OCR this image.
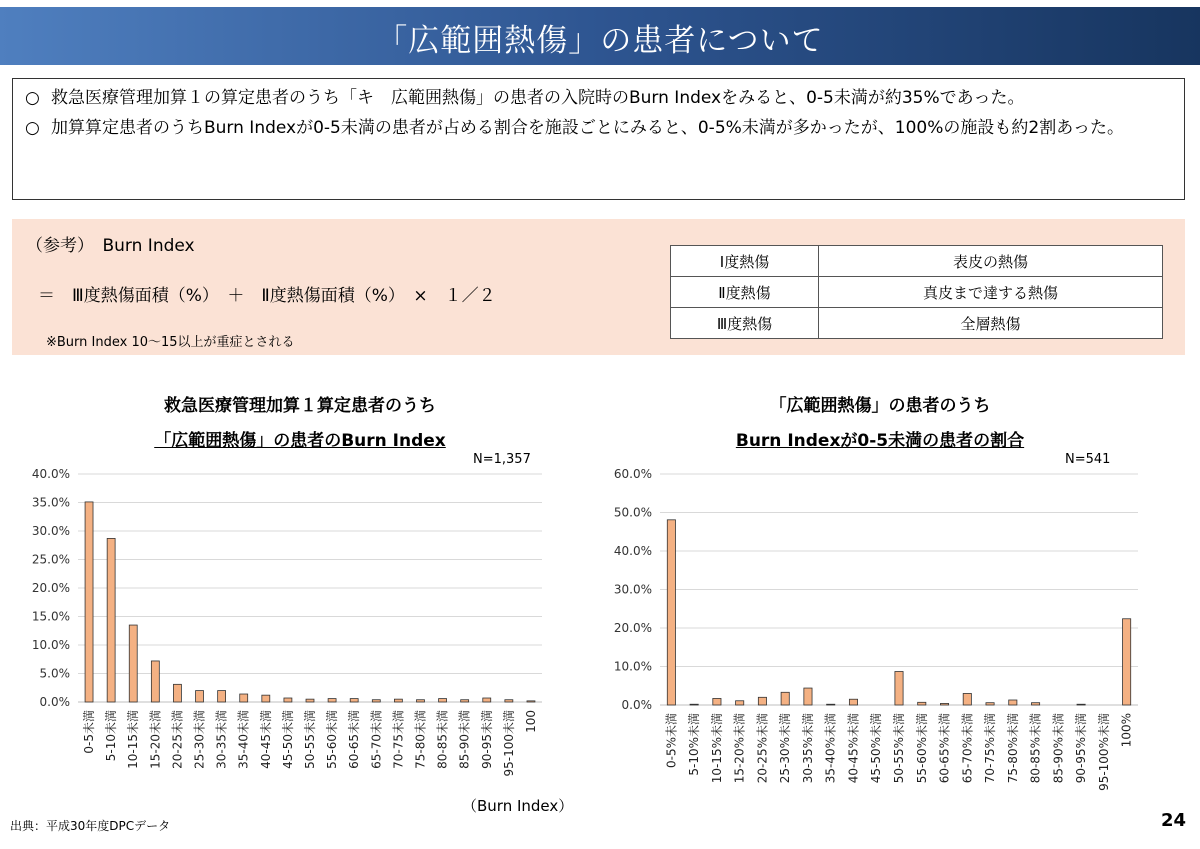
「広範囲熱傷」の患者について

○ 救急医療管理加算１の算定患者のうち「キ　広範囲熱傷」の患者の入院時のBurn Indexをみると、0-5未満が約35%であった。

○ 加算算定患者のうちBurn Indexが0-5未満の患者が占める割合を施設ごとにみると、0-5%未満が多かったが、100%の施設も約2割あった。

（参考）　Burn Index
＝　Ⅲ度熱傷面積（%）　＋　Ⅱ度熱傷面積（%）　×　１／２
※Burn Index 10～15以上が重症とされる
Ⅰ度熱傷	表皮の熱傷
Ⅱ度熱傷	真皮まで達する熱傷
Ⅲ度熱傷	全層熱傷
救急医療管理加算１算定患者のうち
「広範囲熱傷」の患者のBurn Index
N=1,357
「広範囲熱傷」の患者のうち
Burn Indexが0-5未満の患者の割合
N=541
0.0%
5.0%
10.0%
15.0%
20.0%
25.0%
30.0%
35.0%
40.0%
0-5未満 5-10未満 10-15未満 15-20未満 20-25未満 25-30未満 30-35未満 35-40未満 40-45未満 45-50未満 50-55未満 55-60未満 60-65未満 65-70未満 70-75未満 75-80未満 80-85未満 85-90未満 90-95未満 95-100未満 100
0.0%
10.0%
20.0%
30.0%
40.0%
50.0%
60.0%
0-5%未満 5-10%未満 10-15%未満 15-20%未満 20-25%未満 25-30%未満 30-35%未満 35-40%未満 40-45%未満 45-50%未満 50-55%未満 55-60%未満 60-65%未満 65-70%未満 70-75%未満 75-80%未満 80-85%未満 85-90%未満 90-95%未満 95-100%未満 100%
（Burn Index）
出典：平成30年度DPCデータ	24
